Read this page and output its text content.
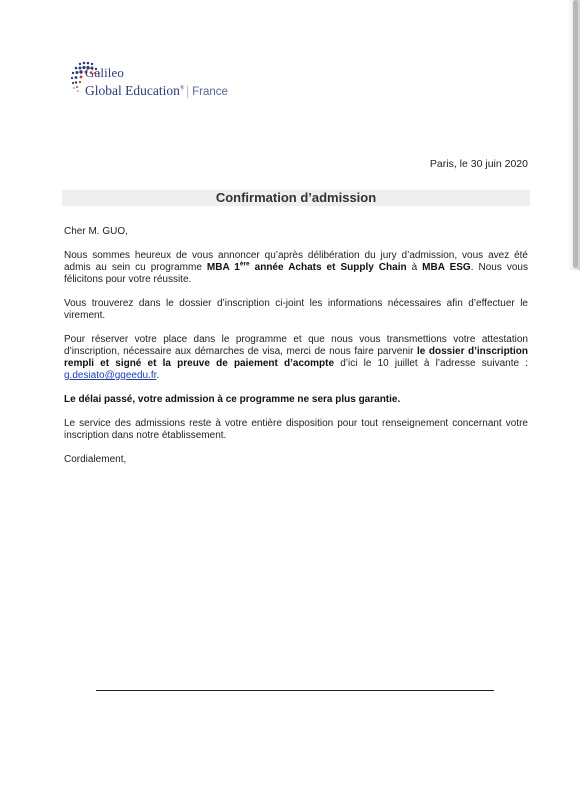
Galileo
Global Education® | France
Paris, le 30 juin 2020
Confirmation d’admission

Cher M. GUO,

Nous sommes heureux de vous annoncer qu’après délibération du jury d’admission, vous avez été admis au sein cu programme MBA 1ère année Achats et Supply Chain à MBA ESG. Nous vous félicitons pour votre réussite.

Vous trouverez dans le dossier d’inscription ci-joint les informations nécessaires afin d’effectuer le virement.

Pour réserver votre place dans le programme et que nous vous transmettions votre attestation d’inscription, nécessaire aux démarches de visa, merci de nous faire parvenir le dossier d’inscription rempli et signé et la preuve de paiement d’acompte d’ici le 10 juillet à l’adresse suivante : g.desiato@ggeedu.fr.

Le délai passé, votre admission à ce programme ne sera plus garantie.

Le service des admissions reste à votre entière disposition pour tout renseignement concernant votre inscription dans notre établissement.

Cordialement,
